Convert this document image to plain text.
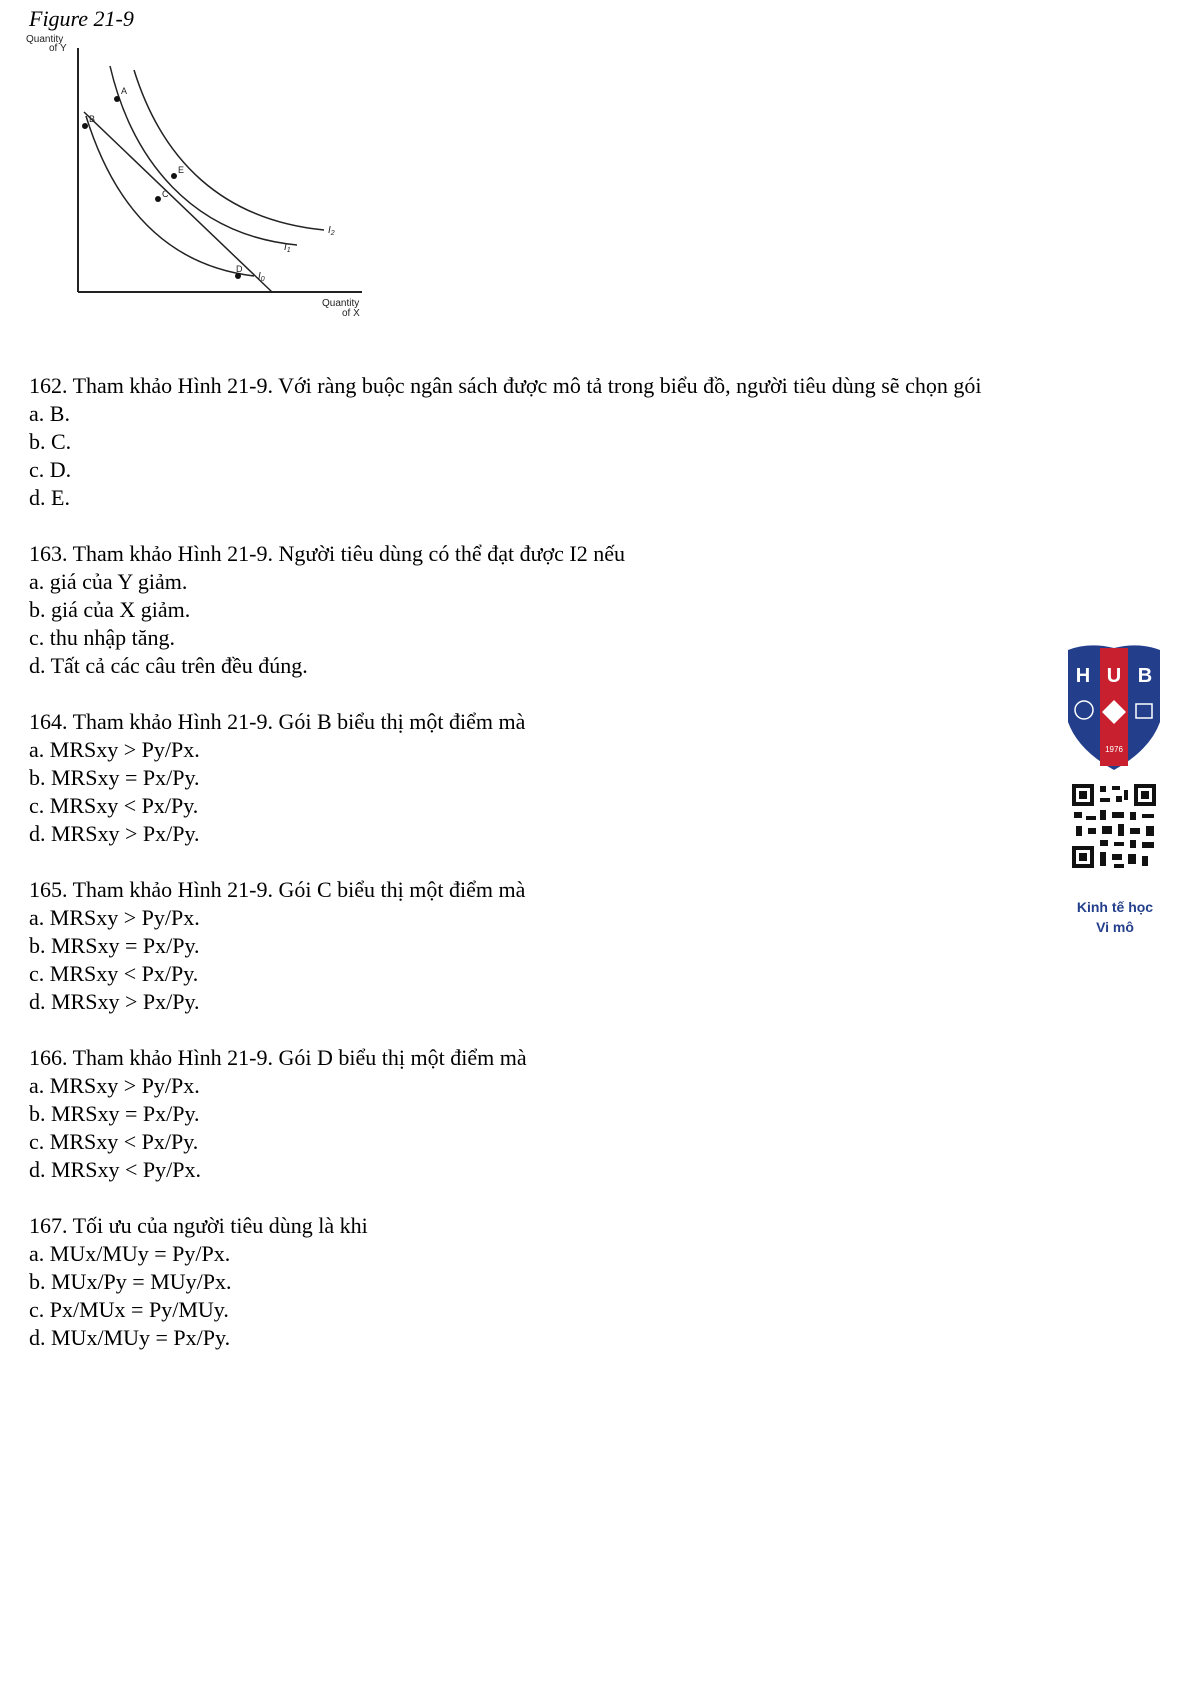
Figure 21-9
Quantity
of Y
Quantity
of X
$I_0$
$I_1$
$I_2$
A
B
C
D
E
162. Tham khảo Hình 21-9. Với ràng buộc ngân sách được mô tả trong biểu đồ, người tiêu dùng sẽ chọn gói
a. B.
b. C.
c. D.
d. E.
163. Tham khảo Hình 21-9. Người tiêu dùng có thể đạt được I2 nếu
a. giá của Y giảm.
b. giá của X giảm.
c. thu nhập tăng.
d. Tất cả các câu trên đều đúng.
164. Tham khảo Hình 21-9. Gói B biểu thị một điểm mà
a. MRSxy > Py/Px.
b. MRSxy = Px/Py.
c. MRSxy < Px/Py.
d. MRSxy > Px/Py.
165. Tham khảo Hình 21-9. Gói C biểu thị một điểm mà
a. MRSxy > Py/Px.
b. MRSxy = Px/Py.
c. MRSxy < Px/Py.
d. MRSxy > Px/Py.
166. Tham khảo Hình 21-9. Gói D biểu thị một điểm mà
a. MRSxy > Py/Px.
b. MRSxy = Px/Py.
c. MRSxy < Px/Py.
d. MRSxy < Py/Px.
167. Tối ưu của người tiêu dùng là khi
a. MUx/MUy = Py/Px.
b. MUx/Py = MUy/Px.
c. Px/MUx = Py/MUy.
d. MUx/MUy = Px/Py.
H U B
1976
Kinh tế học
Vi mô
